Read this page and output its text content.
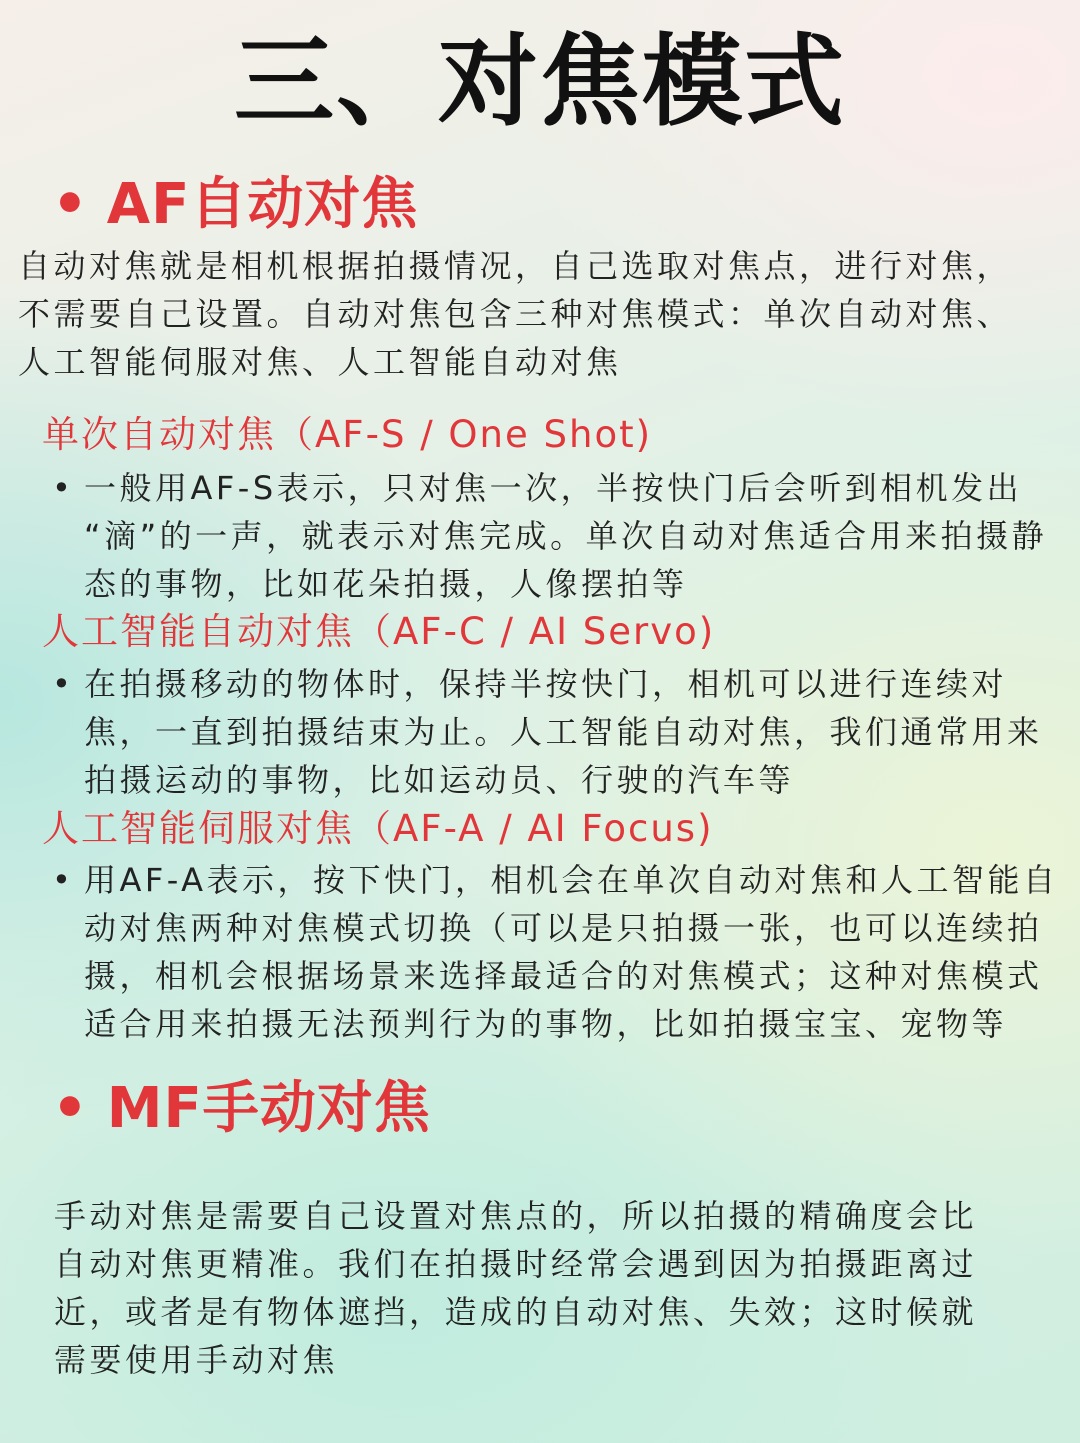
三、对焦模式
• AF自动对焦
自动对焦就是相机根据拍摄情况，自己选取对焦点，进行对焦，
不需要自己设置。自动对焦包含三种对焦模式：单次自动对焦、
人工智能伺服对焦、人工智能自动对焦
单次自动对焦（AF-S / One Shot)
• 一般用AF-S表示，只对焦一次，半按快门后会听到相机发出
“滴”的一声，就表示对焦完成。单次自动对焦适合用来拍摄静
态的事物，比如花朵拍摄，人像摆拍等
人工智能自动对焦（AF-C / AI Servo)
• 在拍摄移动的物体时，保持半按快门，相机可以进行连续对
焦，一直到拍摄结束为止。人工智能自动对焦，我们通常用来
拍摄运动的事物，比如运动员、行驶的汽车等
人工智能伺服对焦（AF-A / AI Focus)
• 用AF-A表示，按下快门，相机会在单次自动对焦和人工智能自
动对焦两种对焦模式切换（可以是只拍摄一张，也可以连续拍
摄，相机会根据场景来选择最适合的对焦模式；这种对焦模式
适合用来拍摄无法预判行为的事物，比如拍摄宝宝、宠物等
• MF手动对焦
手动对焦是需要自己设置对焦点的，所以拍摄的精确度会比
自动对焦更精准。我们在拍摄时经常会遇到因为拍摄距离过
近，或者是有物体遮挡，造成的自动对焦、失效；这时候就
需要使用手动对焦
